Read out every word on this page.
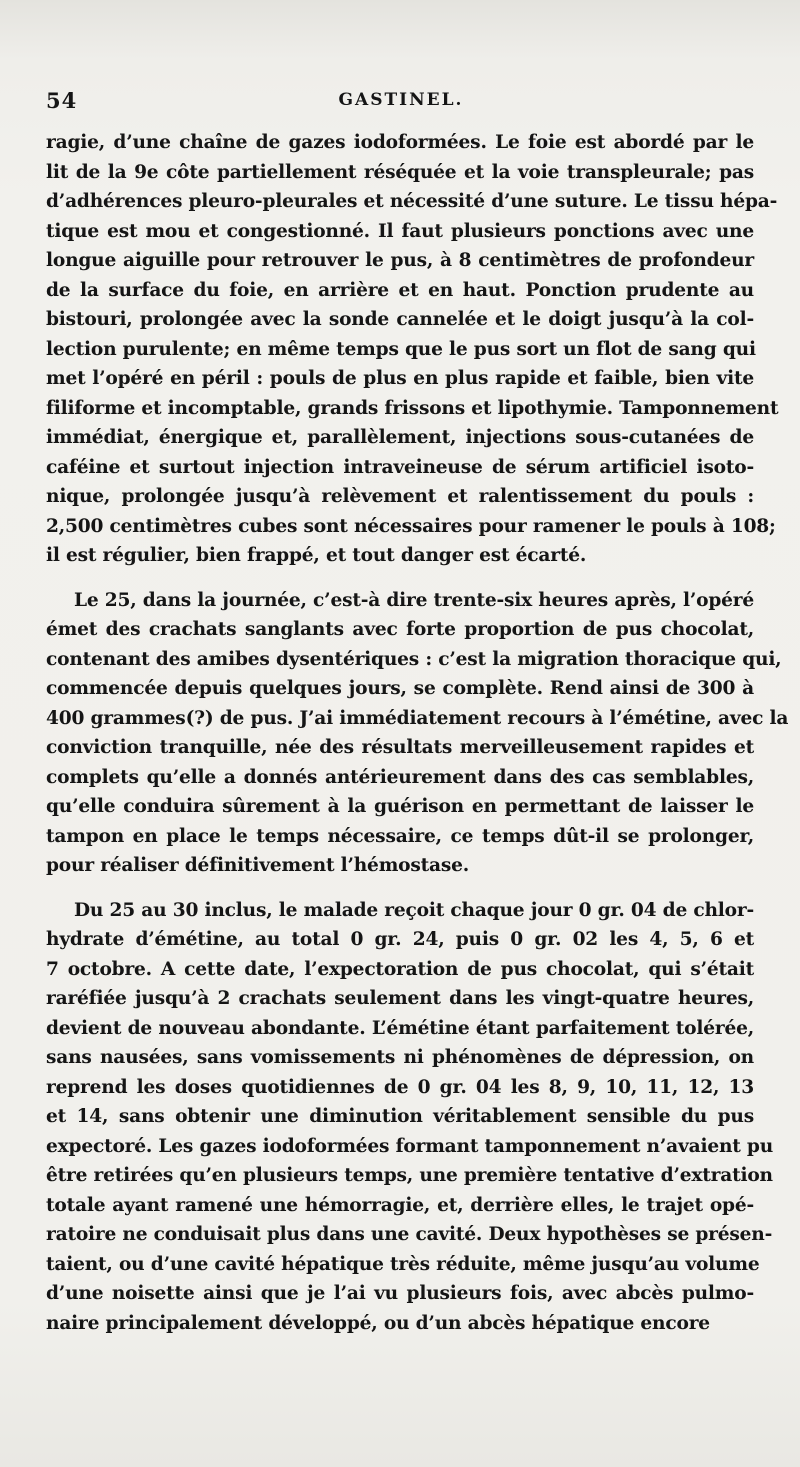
54	GASTINEL.
ragie, d’une chaîne de gazes iodoformées. Le foie est abordé par le
lit de la 9e côte partiellement réséquée et la voie transpleurale; pas
d’adhérences pleuro-pleurales et nécessité d’une suture. Le tissu hépa-
tique est mou et congestionné. Il faut plusieurs ponctions avec une
longue aiguille pour retrouver le pus, à 8 centimètres de profondeur
de la surface du foie, en arrière et en haut. Ponction prudente au
bistouri, prolongée avec la sonde cannelée et le doigt jusqu’à la col-
lection purulente; en même temps que le pus sort un flot de sang qui
met l’opéré en péril : pouls de plus en plus rapide et faible, bien vite
filiforme et incomptable, grands frissons et lipothymie. Tamponnement
immédiat, énergique et, parallèlement, injections sous-cutanées de
caféine et surtout injection intraveineuse de sérum artificiel isoto-
nique, prolongée jusqu’à relèvement et ralentissement du pouls :
2,500 centimètres cubes sont nécessaires pour ramener le pouls à 108;
il est régulier, bien frappé, et tout danger est écarté.
Le 25, dans la journée, c’est-à dire trente-six heures après, l’opéré
émet des crachats sanglants avec forte proportion de pus chocolat,
contenant des amibes dysentériques : c’est la migration thoracique qui,
commencée depuis quelques jours, se complète. Rend ainsi de 300 à
400 grammes(?) de pus. J’ai immédiatement recours à l’émétine, avec la
conviction tranquille, née des résultats merveilleusement rapides et
complets qu’elle a donnés antérieurement dans des cas semblables,
qu’elle conduira sûrement à la guérison en permettant de laisser le
tampon en place le temps nécessaire, ce temps dût-il se prolonger,
pour réaliser définitivement l’hémostase.
Du 25 au 30 inclus, le malade reçoit chaque jour 0 gr. 04 de chlor-
hydrate d’émétine, au total 0 gr. 24, puis 0 gr. 02 les 4, 5, 6 et
7 octobre. A cette date, l’expectoration de pus chocolat, qui s’était
raréfiée jusqu’à 2 crachats seulement dans les vingt-quatre heures,
devient de nouveau abondante. L’émétine étant parfaitement tolérée,
sans nausées, sans vomissements ni phénomènes de dépression, on
reprend les doses quotidiennes de 0 gr. 04 les 8, 9, 10, 11, 12, 13
et 14, sans obtenir une diminution véritablement sensible du pus
expectoré. Les gazes iodoformées formant tamponnement n’avaient pu
être retirées qu’en plusieurs temps, une première tentative d’extration
totale ayant ramené une hémorragie, et, derrière elles, le trajet opé-
ratoire ne conduisait plus dans une cavité. Deux hypothèses se présen-
taient, ou d’une cavité hépatique très réduite, même jusqu’au volume
d’une noisette ainsi que je l’ai vu plusieurs fois, avec abcès pulmo-
naire principalement développé, ou d’un abcès hépatique encore
